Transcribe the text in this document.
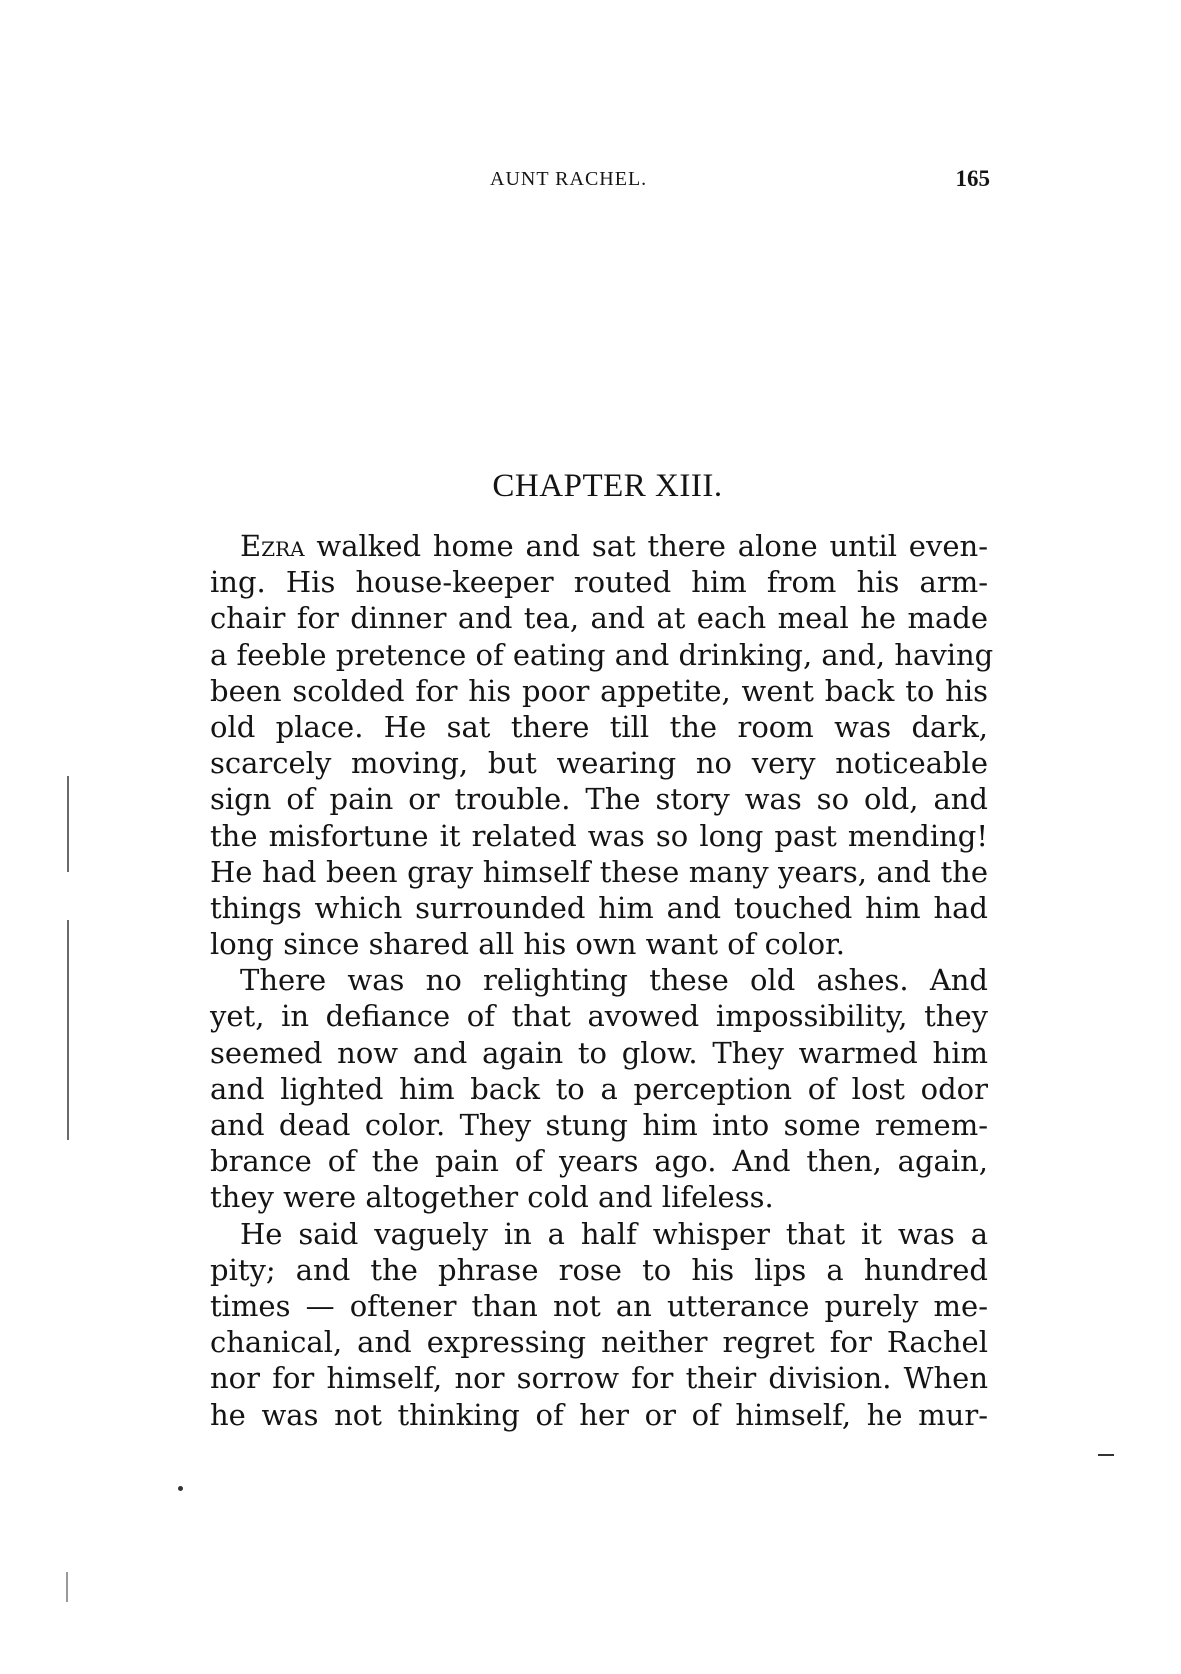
AUNT RACHEL.	165
CHAPTER XIII.
Ezra walked home and sat there alone until even-
ing. His house-keeper routed him from his arm-
chair for dinner and tea, and at each meal he made
a feeble pretence of eating and drinking, and, having
been scolded for his poor appetite, went back to his
old place. He sat there till the room was dark,
scarcely moving, but wearing no very noticeable
sign of pain or trouble. The story was so old, and
the misfortune it related was so long past mending!
He had been gray himself these many years, and the
things which surrounded him and touched him had
long since shared all his own want of color.
There was no relighting these old ashes. And
yet, in defiance of that avowed impossibility, they
seemed now and again to glow. They warmed him
and lighted him back to a perception of lost odor
and dead color. They stung him into some remem-
brance of the pain of years ago. And then, again,
they were altogether cold and lifeless.
He said vaguely in a half whisper that it was a
pity; and the phrase rose to his lips a hundred
times — oftener than not an utterance purely me-
chanical, and expressing neither regret for Rachel
nor for himself, nor sorrow for their division. When
he was not thinking of her or of himself, he mur-
